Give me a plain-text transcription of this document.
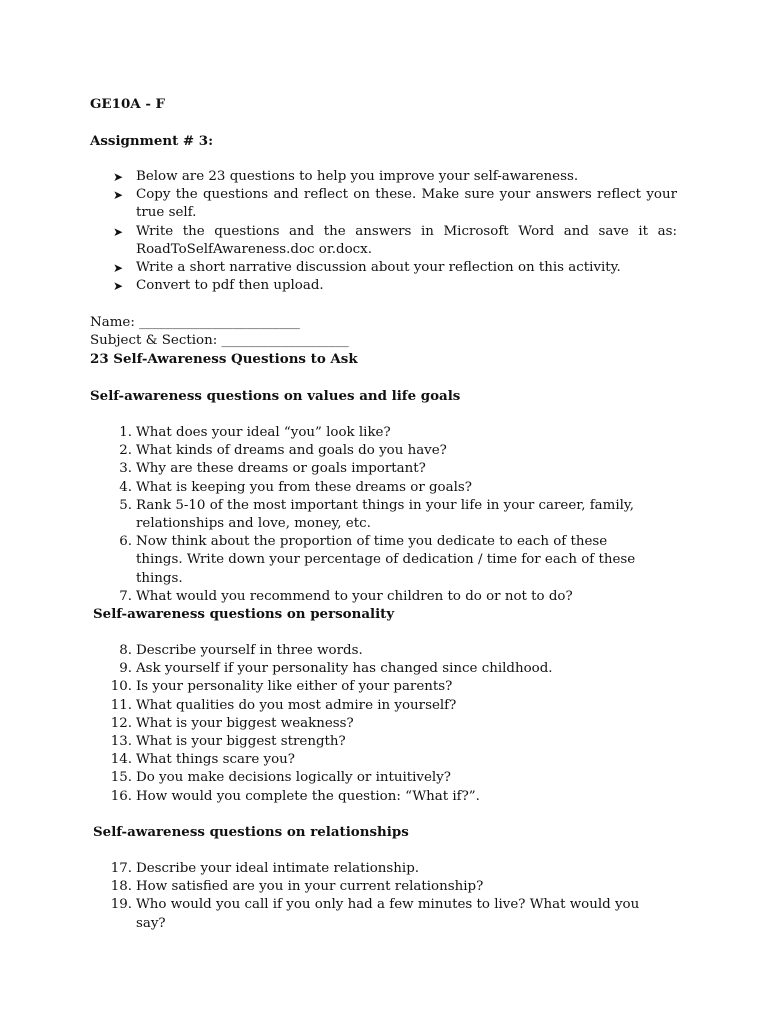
GE10A - F
Assignment # 3:
➤ Below are 23 questions to help you improve your self-awareness.
➤ Copy the questions and reflect on these. Make sure your answers reflect your true self.
➤ Write the questions and the answers in Microsoft Word and save it as: RoadToSelfAwareness.doc or.docx.
➤ Write a short narrative discussion about your reflection on this activity.
➤ Convert to pdf then upload.
Name: ________________________
Subject & Section: ___________________
23 Self-Awareness Questions to Ask
Self-awareness questions on values and life goals
1. What does your ideal “you” look like?
2. What kinds of dreams and goals do you have?
3. Why are these dreams or goals important?
4. What is keeping you from these dreams or goals?
5. Rank 5-10 of the most important things in your life in your career, family, relationships and love, money, etc.
6. Now think about the proportion of time you dedicate to each of these things. Write down your percentage of dedication / time for each of these things.
7. What would you recommend to your children to do or not to do?
Self-awareness questions on personality
8. Describe yourself in three words.
9. Ask yourself if your personality has changed since childhood.
10. Is your personality like either of your parents?
11. What qualities do you most admire in yourself?
12. What is your biggest weakness?
13. What is your biggest strength?
14. What things scare you?
15. Do you make decisions logically or intuitively?
16. How would you complete the question: “What if?”.
Self-awareness questions on relationships
17. Describe your ideal intimate relationship.
18. How satisfied are you in your current relationship?
19. Who would you call if you only had a few minutes to live? What would you say?
